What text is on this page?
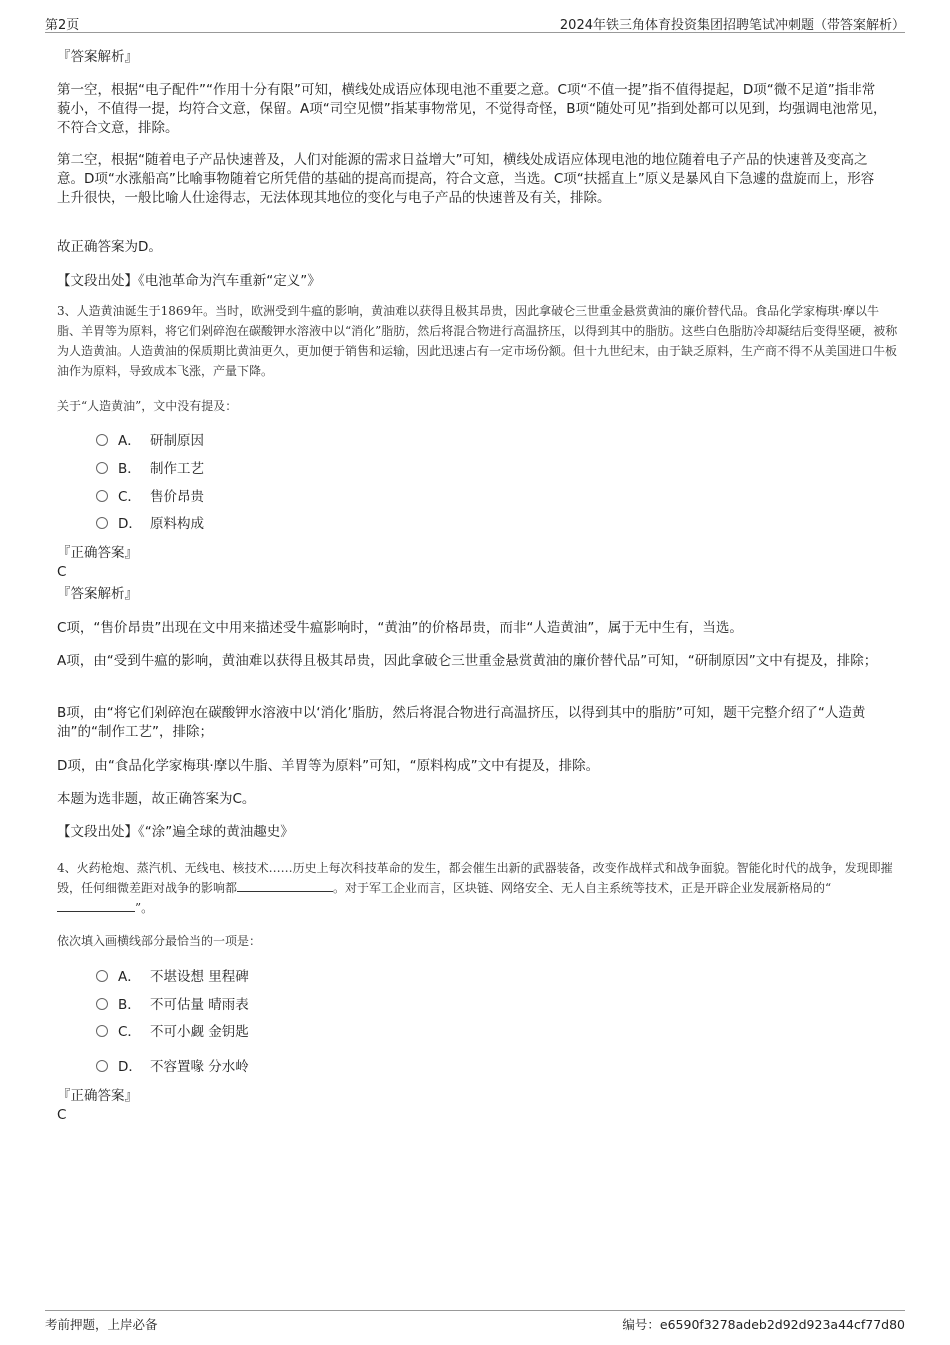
第2页	2024年铁三角体育投资集团招聘笔试冲刺题（带答案解析）
『答案解析』
第一空，根据“电子配件”“作用十分有限”可知，横线处成语应体现电池不重要之意。C项“不值一提”指不值得提起，D项“微不足道”指非常藐小，不值得一提，均符合文意，保留。A项“司空见惯”指某事物常见，不觉得奇怪，B项“随处可见”指到处都可以见到，均强调电池常见，不符合文意，排除。
第二空，根据“随着电子产品快速普及，人们对能源的需求日益增大”可知，横线处成语应体现电池的地位随着电子产品的快速普及变高之意。D项“水涨船高”比喻事物随着它所凭借的基础的提高而提高，符合文意，当选。C项“扶摇直上”原义是暴风自下急遽的盘旋而上，形容上升很快，一般比喻人仕途得志，无法体现其地位的变化与电子产品的快速普及有关，排除。
故正确答案为D。
【文段出处】《电池革命为汽车重新“定义”》
3、人造黄油诞生于1869年。当时，欧洲受到牛瘟的影响，黄油难以获得且极其昂贵，因此拿破仑三世重金悬赏黄油的廉价替代品。食品化学家梅琪·摩以牛脂、羊胃等为原料，将它们剁碎泡在碳酸钾水溶液中以“消化”脂肪，然后将混合物进行高温挤压，以得到其中的脂肪。这些白色脂肪冷却凝结后变得坚硬，被称为人造黄油。人造黄油的保质期比黄油更久，更加便于销售和运输，因此迅速占有一定市场份额。但十九世纪末，由于缺乏原料，生产商不得不从美国进口牛板油作为原料，导致成本飞涨，产量下降。
关于“人造黄油”，文中没有提及：
A． 研制原因
B． 制作工艺
C． 售价昂贵
D． 原料构成
『正确答案』
C
『答案解析』
C项，“售价昂贵”出现在文中用来描述受牛瘟影响时，“黄油”的价格昂贵，而非“人造黄油”，属于无中生有，当选。
A项，由“受到牛瘟的影响，黄油难以获得且极其昂贵，因此拿破仑三世重金悬赏黄油的廉价替代品”可知，“研制原因”文中有提及，排除；
B项，由“将它们剁碎泡在碳酸钾水溶液中以‘消化’脂肪，然后将混合物进行高温挤压，以得到其中的脂肪”可知，题干完整介绍了“人造黄油”的“制作工艺”，排除；
D项，由“食品化学家梅琪·摩以牛脂、羊胃等为原料”可知，“原料构成”文中有提及，排除。
本题为选非题，故正确答案为C。
【文段出处】《“涂”遍全球的黄油趣史》
4、火药枪炮、蒸汽机、无线电、核技术……历史上每次科技革命的发生，都会催生出新的武器装备，改变作战样式和战争面貌。智能化时代的战争，发现即摧毁，任何细微差距对战争的影响都	。对于军工企业而言，区块链、网络安全、无人自主系统等技术，正是开辟企业发展新格局的“”。
依次填入画横线部分最恰当的一项是：
A． 不堪设想 里程碑
B． 不可估量 晴雨表
C． 不可小觑 金钥匙
D． 不容置喙 分水岭
『正确答案』
C
考前押题，上岸必备	编号：e6590f3278adeb2d92d923a44cf77d80
